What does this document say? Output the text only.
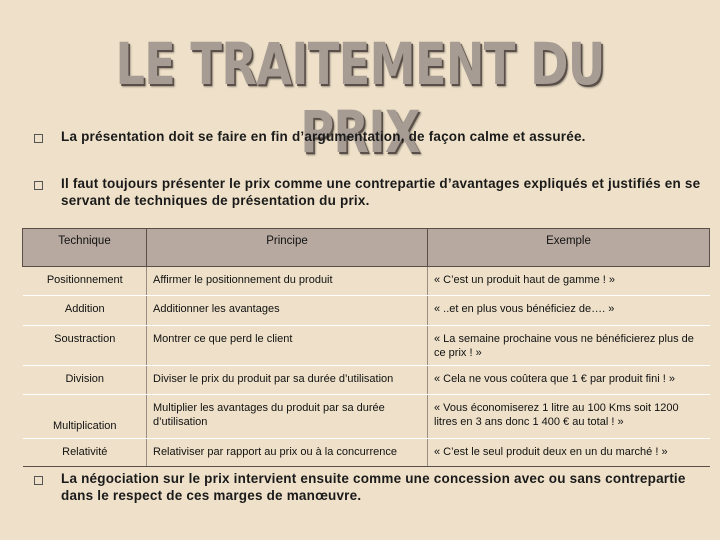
LE TRAITEMENT DU PRIX
La présentation doit se faire en fin d’argumentation, de façon calme et assurée.
Il faut toujours présenter le prix comme une contrepartie d’avantages expliqués et justifiés en se servant de techniques de présentation du prix.
Technique	Principe	Exemple
Positionnement	Affirmer le positionnement du produit	« C’est un produit haut de gamme ! »
Addition	Additionner les avantages	« ..et en plus vous bénéficiez de…. »
Soustraction	Montrer ce que perd le client	« La semaine prochaine vous ne bénéficierez plus de ce prix ! »
Division	Diviser le prix du produit par sa durée d’utilisation	« Cela ne vous coûtera que 1 € par produit fini ! »
Multiplication	Multiplier les avantages du produit par sa durée d’utilisation	« Vous économiserez 1 litre au 100 Kms soit 1200 litres en 3 ans donc 1 400 € au total ! »
Relativité	Relativiser par rapport au prix ou à la concurrence	« C’est le seul produit deux en un du marché ! »
La négociation sur le prix intervient ensuite comme une concession avec ou sans contrepartie dans le respect de ces marges de manœuvre.
